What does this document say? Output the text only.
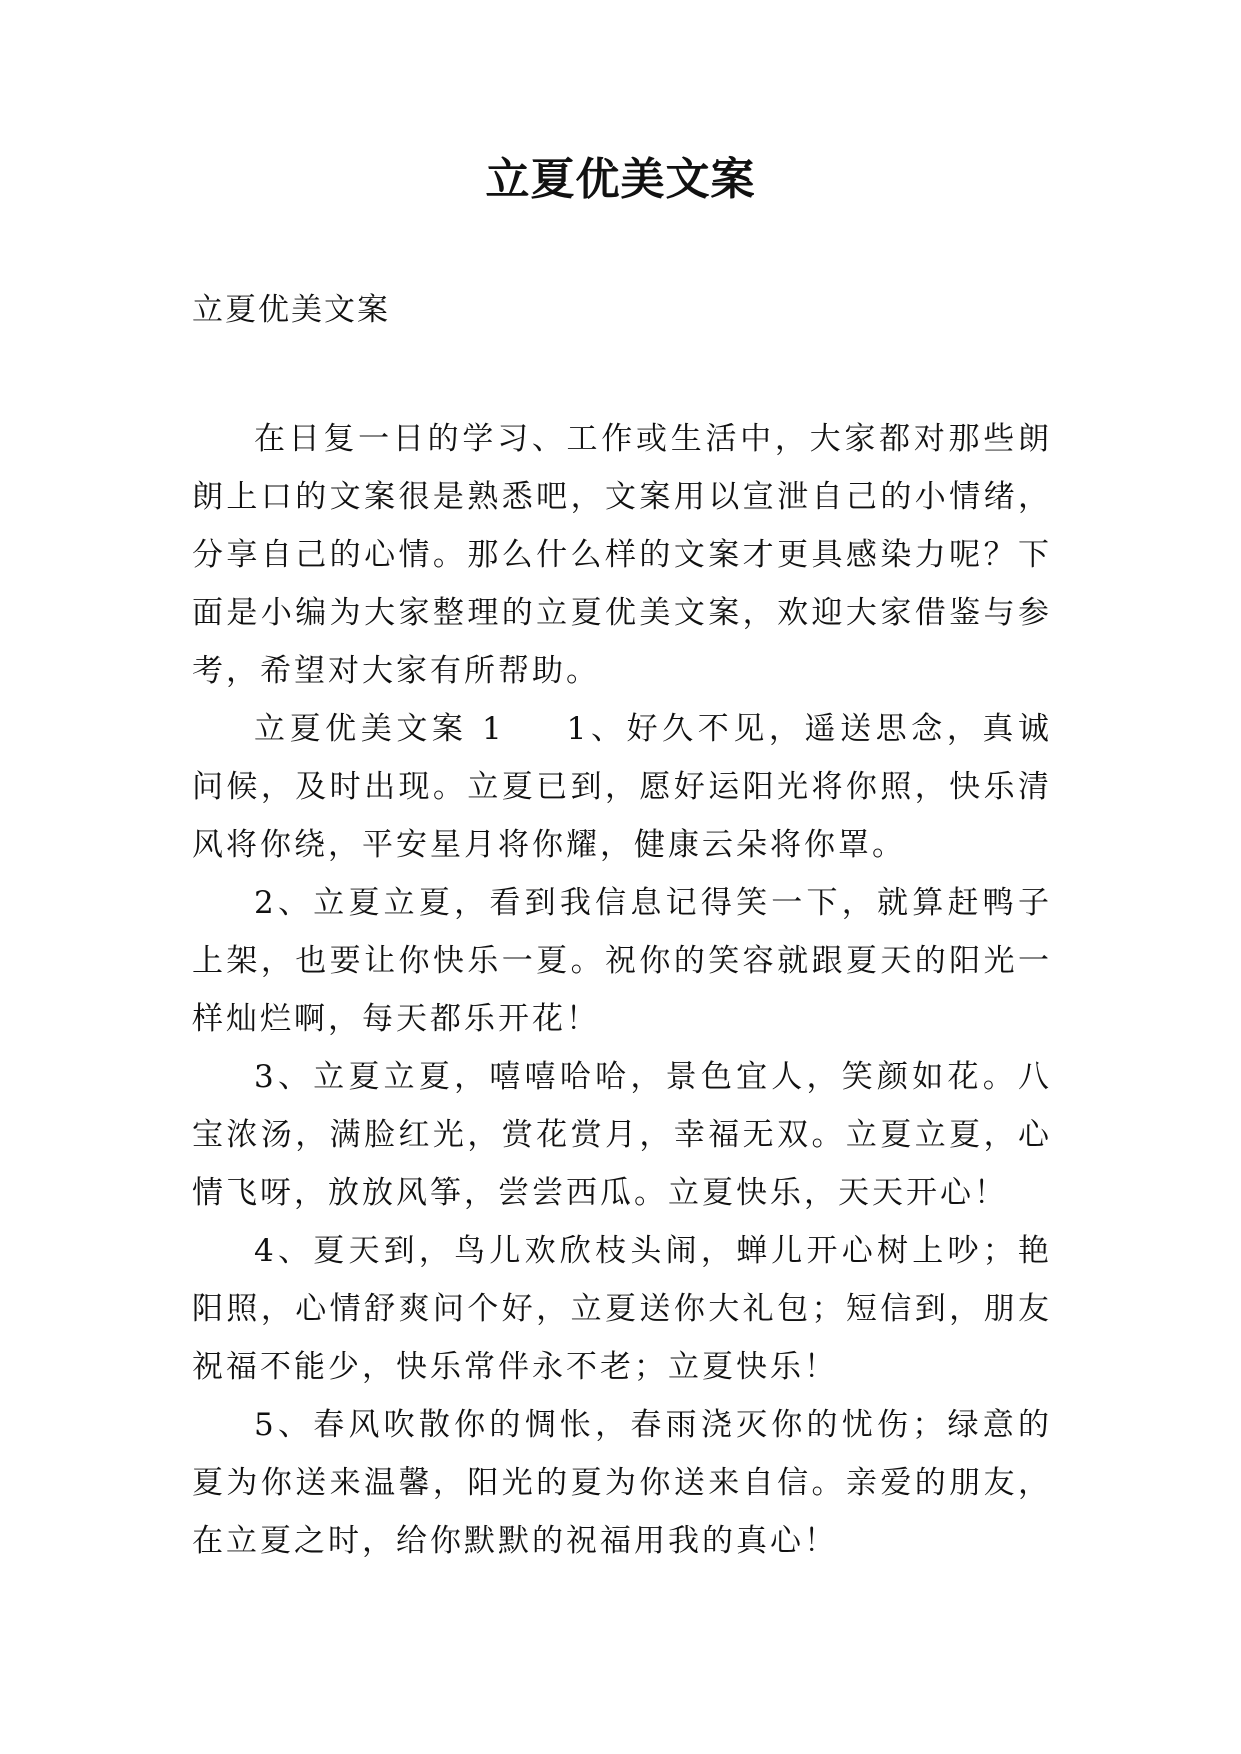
立夏优美文案

立夏优美文案

在日复一日的学习、工作或生活中，大家都对那些朗朗上口的文案很是熟悉吧，文案用以宣泄自己的小情绪，分享自己的心情。那么什么样的文案才更具感染力呢？下面是小编为大家整理的立夏优美文案，欢迎大家借鉴与参考，希望对大家有所帮助。

立夏优美文案 1 1、好久不见，遥送思念，真诚问候，及时出现。立夏已到，愿好运阳光将你照，快乐清风将你绕，平安星月将你耀，健康云朵将你罩。

2、立夏立夏，看到我信息记得笑一下，就算赶鸭子上架，也要让你快乐一夏。祝你的笑容就跟夏天的阳光一样灿烂啊，每天都乐开花！

3、立夏立夏，嘻嘻哈哈，景色宜人，笑颜如花。八宝浓汤，满脸红光，赏花赏月，幸福无双。立夏立夏，心情飞呀，放放风筝，尝尝西瓜。立夏快乐，天天开心！

4、夏天到，鸟儿欢欣枝头闹，蝉儿开心树上吵；艳阳照，心情舒爽问个好，立夏送你大礼包；短信到，朋友祝福不能少，快乐常伴永不老；立夏快乐！

5、春风吹散你的惆怅，春雨浇灭你的忧伤；绿意的夏为你送来温馨，阳光的夏为你送来自信。亲爱的朋友，在立夏之时，给你默默的祝福用我的真心！
